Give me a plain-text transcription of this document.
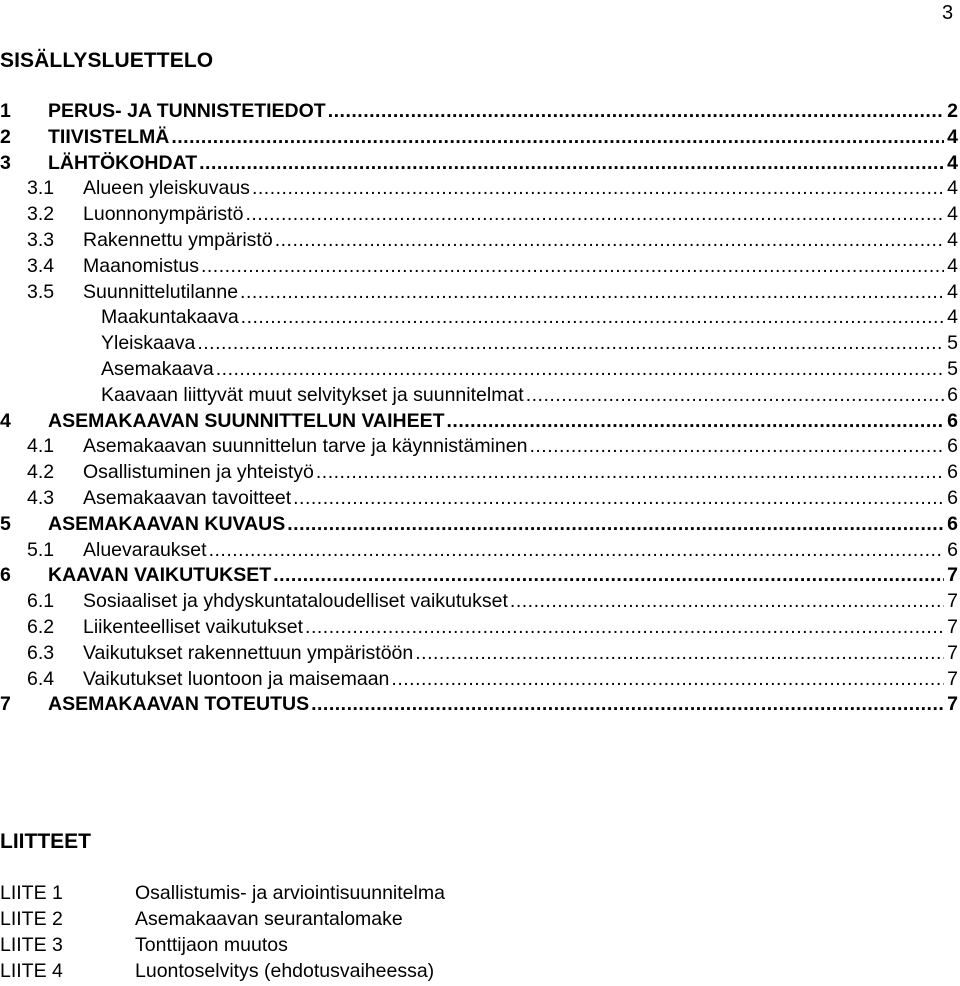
3
SISÄLLYSLUETTELO
1	PERUS- JA TUNNISTETIEDOT .....	2
2	TIIVISTELMÄ .....	4
3	LÄHTÖKOHDAT .....	4
3.1	Alueen yleiskuvaus .....	4
3.2	Luonnonympäristö .....	4
3.3	Rakennettu ympäristö .....	4
3.4	Maanomistus .....	4
3.5	Suunnittelutilanne .....	4
Maakuntakaava .....	4
Yleiskaava .....	5
Asemakaava .....	5
Kaavaan liittyvät muut selvitykset ja suunnitelmat .....	6
4	ASEMAKAAVAN SUUNNITTELUN VAIHEET .....	6
4.1	Asemakaavan suunnittelun tarve ja käynnistäminen .....	6
4.2	Osallistuminen ja yhteistyö .....	6
4.3	Asemakaavan tavoitteet .....	6
5	ASEMAKAAVAN KUVAUS .....	6
5.1	Aluevaraukset .....	6
6	KAAVAN VAIKUTUKSET .....	7
6.1	Sosiaaliset ja yhdyskuntataloudelliset vaikutukset .....	7
6.2	Liikenteelliset vaikutukset .....	7
6.3	Vaikutukset rakennettuun ympäristöön .....	7
6.4	Vaikutukset luontoon ja maisemaan .....	7
7	ASEMAKAAVAN TOTEUTUS .....	7
LIITTEET
LIITE 1	Osallistumis- ja arviointisuunnitelma
LIITE 2	Asemakaavan seurantalomake
LIITE 3	Tonttijaon muutos
LIITE 4	Luontoselvitys (ehdotusvaiheessa)
